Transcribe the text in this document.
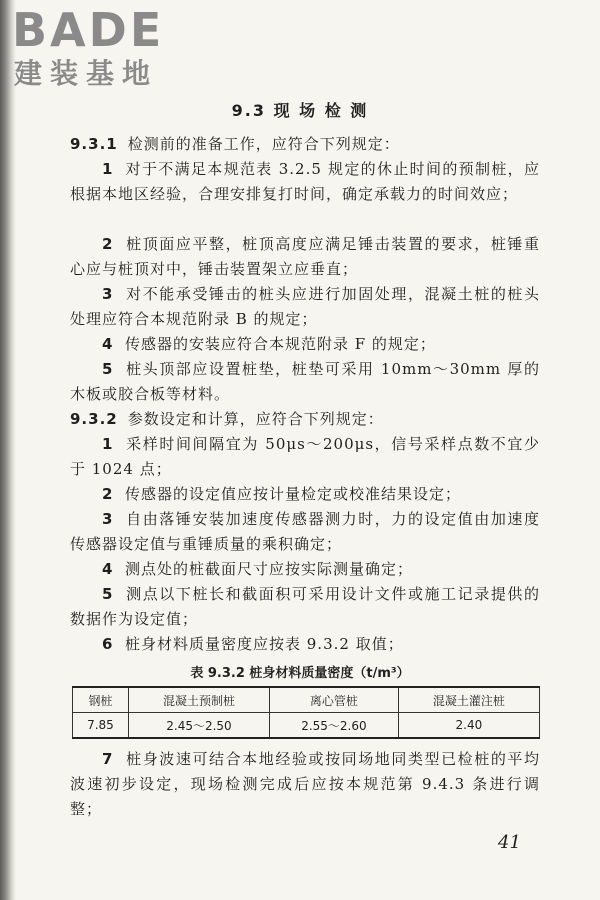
BADE
建装基地
9.3 现 场 检 测
9.3.1 检测前的准备工作，应符合下列规定：
1 对于不满足本规范表 3.2.5 规定的休止时间的预制桩，应根据本地区经验，合理安排复打时间，确定承载力的时间效应；
2 桩顶面应平整，桩顶高度应满足锤击装置的要求，桩锤重心应与桩顶对中，锤击装置架立应垂直；
3 对不能承受锤击的桩头应进行加固处理，混凝土桩的桩头处理应符合本规范附录 B 的规定；
4 传感器的安装应符合本规范附录 F 的规定；
5 桩头顶部应设置桩垫，桩垫可采用 10mm～30mm 厚的木板或胶合板等材料。
9.3.2 参数设定和计算，应符合下列规定：
1 采样时间间隔宜为 50μs～200μs，信号采样点数不宜少于 1024 点；
2 传感器的设定值应按计量检定或校准结果设定；
3 自由落锤安装加速度传感器测力时，力的设定值由加速度传感器设定值与重锤质量的乘积确定；
4 测点处的桩截面尺寸应按实际测量确定；
5 测点以下桩长和截面积可采用设计文件或施工记录提供的数据作为设定值；
6 桩身材料质量密度应按表 9.3.2 取值；
表 9.3.2 桩身材料质量密度（t/m³）
钢桩	混凝土预制桩	离心管桩	混凝土灌注桩
7.85	2.45～2.50	2.55～2.60	2.40
7 桩身波速可结合本地经验或按同场地同类型已检桩的平均波速初步设定，现场检测完成后应按本规范第 9.4.3 条进行调整；
41
